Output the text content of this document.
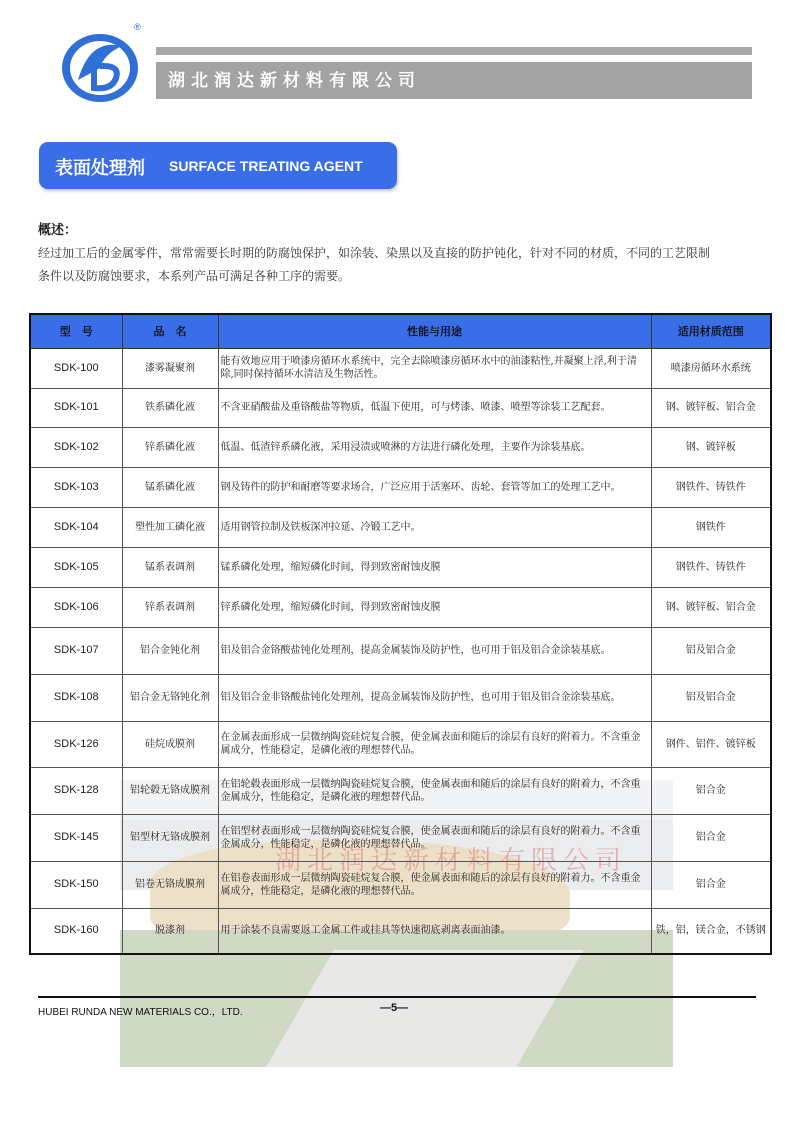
®
湖北润达新材料有限公司
表面处理剂 SURFACE TREATING AGENT
概述：
经过加工后的金属零件，常常需要长时期的防腐蚀保护，如涂装、染黑以及直接的防护钝化，针对不同的材质，不同的工艺限制
条件以及防腐蚀要求，本系列产品可满足各种工序的需要。
湖北润达新材料有限公司
型　号	品　名	性能与用途	适用材质范围
SDK-100	漆雾凝聚剂	能有效地应用于喷漆房循环水系统中，完全去除喷漆房循环水中的油漆粘性,并凝聚上浮,利于清除,同时保持循环水清洁及生物活性。	喷漆房循环水系统
SDK-101	铁系磷化液	不含亚硝酸盐及重铬酸盐等物质，低温下使用，可与烤漆、喷漆、喷塑等涂装工艺配套。	钢、镀锌板、铝合金
SDK-102	锌系磷化液	低温、低渣锌系磷化液，采用浸渍或喷淋的方法进行磷化处理，主要作为涂装基底。	钢、镀锌板
SDK-103	锰系磷化液	钢及铸件的防护和耐磨等要求场合，广泛应用于活塞环、齿轮、套管等加工的处理工艺中。	钢铁件、铸铁件
SDK-104	塑性加工磷化液	适用钢管拉制及铁板深冲拉延、冷锻工艺中。	钢铁件
SDK-105	锰系表调剂	锰系磷化处理，缩短磷化时间，得到致密耐蚀皮膜	钢铁件、铸铁件
SDK-106	锌系表调剂	锌系磷化处理，缩短磷化时间，得到致密耐蚀皮膜	钢、镀锌板、铝合金
SDK-107	铝合金钝化剂	铝及铝合金铬酸盐钝化处理剂，提高金属装饰及防护性，也可用于铝及铝合金涂装基底。	铝及铝合金
SDK-108	铝合金无铬钝化剂	铝及铝合金非铬酸盐钝化处理剂，提高金属装饰及防护性，也可用于铝及铝合金涂装基底。	铝及铝合金
SDK-126	硅烷成膜剂	在金属表面形成一层微纳陶瓷硅烷复合膜，使金属表面和随后的涂层有良好的附着力。不含重金属成分，性能稳定，是磷化液的理想替代品。	钢件、铝件、镀锌板
SDK-128	铝轮毂无铬成膜剂	在铝轮毂表面形成一层微纳陶瓷硅烷复合膜，使金属表面和随后的涂层有良好的附着力，不含重金属成分，性能稳定，是磷化液的理想替代品。	铝合金
SDK-145	铝型材无铬成膜剂	在铝型材表面形成一层微纳陶瓷硅烷复合膜，使金属表面和随后的涂层有良好的附着力。不含重金属成分，性能稳定，是磷化液的理想替代品。	铝合金
SDK-150	铝卷无铬成膜剂	在铝卷表面形成一层微纳陶瓷硅烷复合膜，使金属表面和随后的涂层有良好的附着力。不含重金属成分，性能稳定，是磷化液的理想替代品。	铝合金
SDK-160	脱漆剂	用于涂装不良需要返工金属工件或挂具等快速彻底剥离表面油漆。	铁，铝，镁合金，不锈钢
HUBEI RUNDA NEW MATERIALS CO.，LTD.	—5—
